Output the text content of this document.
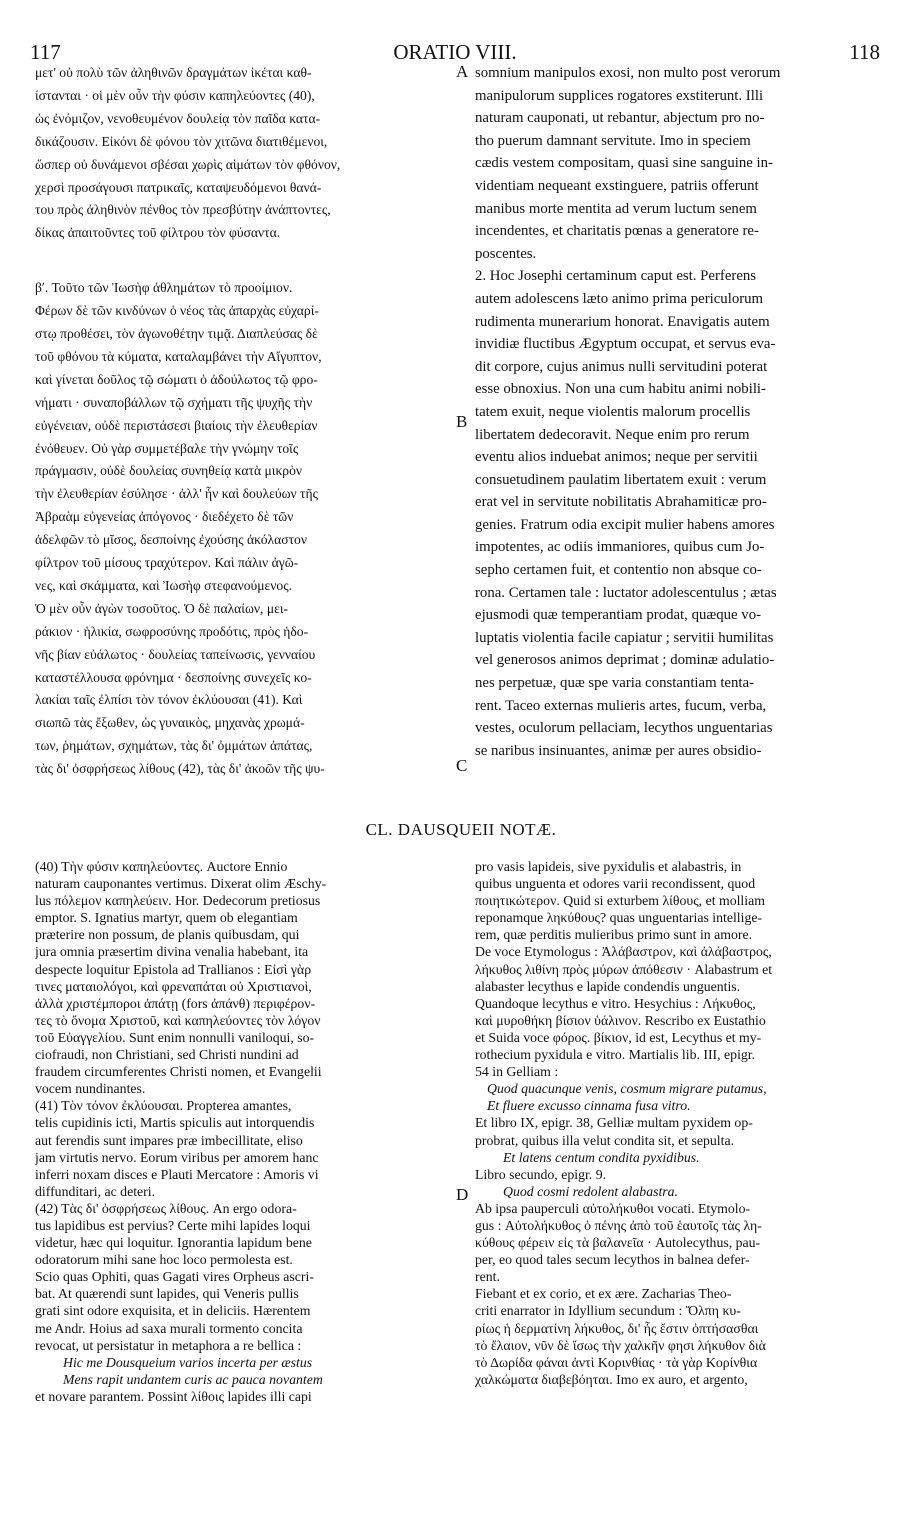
117	ORATIO VIII.	118
μετ' οὐ πολὺ τῶν ἀληθινῶν δραγμάτων ἱκέται καθ-
ίστανται · οἱ μὲν οὖν τὴν φύσιν καπηλεύοντες (40),
ὡς ἐνόμιζον, νενοθευμένον δουλείᾳ τὸν παῖδα κατα-
δικάζουσιν. Εἰκόνι δὲ φόνου τὸν χιτῶνα διατιθέμενοι,
ὥσπερ οὐ δυνάμενοι σβέσαι χωρὶς αἱμάτων τὸν φθόνον,
χερσὶ προσάγουσι πατρικαῖς, καταψευδόμενοι θανά-
του πρὸς ἀληθινὸν πένθος τὸν πρεσβύτην ἀνάπτοντες,
δίκας ἀπαιτοῦντες τοῦ φίλτρου τὸν φύσαντα.

βʹ. Τοῦτο τῶν Ἰωσὴφ ἀθλημάτων τὸ προοίμιον.
Φέρων δὲ τῶν κινδύνων ὁ νέος τὰς ἀπαρχὰς εὐχαρί-
στῳ προθέσει, τὸν ἀγωνοθέτην τιμᾷ. Διαπλεύσας δὲ
τοῦ φθόνου τὰ κύματα, καταλαμβάνει τὴν Αἴγυπτον,
καὶ γίνεται δοῦλος τῷ σώματι ὁ ἀδούλωτος τῷ φρο-
νήματι · συναποβάλλων τῷ σχήματι τῆς ψυχῆς τὴν
εὐγένειαν, οὐδὲ περιστάσεσι βιαίοις τὴν ἐλευθερίαν
ἐνόθευεν. Οὐ γὰρ συμμετέβαλε τὴν γνώμην τοῖς
πράγμασιν, οὐδὲ δουλείας συνηθείᾳ κατὰ μικρὸν
τὴν ἐλευθερίαν ἐσύλησε · ἀλλ' ἦν καὶ δουλεύων τῆς
Ἀβραὰμ εὐγενείας ἀπόγονος · διεδέχετο δὲ τῶν
ἀδελφῶν τὸ μῖσος, δεσποίνης ἐχούσης ἀκόλαστον
φίλτρον τοῦ μίσους τραχύτερον. Καὶ πάλιν ἀγῶ-
νες, καὶ σκάμματα, καὶ Ἰωσὴφ στεφανούμενος.
Ὁ μὲν οὖν ἀγὼν τοσοῦτος. Ὁ δὲ παλαίων, μει-
ράκιον · ἡλικία, σωφροσύνης προδότις, πρὸς ἡδο-
νῆς βίαν εὐάλωτος · δουλείας ταπείνωσις, γενναίου
καταστέλλουσα φρόνημα · δεσποίνης συνεχεῖς κο-
λακίαι ταῖς ἐλπίσι τὸν τόνον ἐκλύουσαι (41). Καὶ
σιωπῶ τὰς ἔξωθεν, ὡς γυναικὸς, μηχανὰς χρωμά-
των, ῥημάτων, σχημάτων, τὰς δι' ὀμμάτων ἀπάτας,
τὰς δι' ὀσφρήσεως λίθους (42), τὰς δι' ἀκοῶν τῆς ψυ-
somnium manipulos exosi, non multo post verorum
manipulorum supplices rogatores exstiterunt. Illi
naturam cauponati, ut rebantur, abjectum pro no-
tho puerum damnant servitute. Imo in speciem
cædis vestem compositam, quasi sine sanguine in-
videntiam nequeant exstinguere, patriis offerunt
manibus morte mentita ad verum luctum senem
incendentes, et charitatis pœnas a generatore re-
poscentes.
2. Hoc Josephi certaminum caput est. Perferens
autem adolescens læto animo prima periculorum
rudimenta munerarium honorat. Enavigatis autem
invidiæ fluctibus Ægyptum occupat, et servus eva-
dit corpore, cujus animus nulli servitudini poterat
esse obnoxius. Non una cum habitu animi nobili-
tatem exuit, neque violentis malorum procellis
libertatem dedecoravit. Neque enim pro rerum
eventu alios induebat animos; neque per servitii
consuetudinem paulatim libertatem exuit : verum
erat vel in servitute nobilitatis Abrahamiticæ pro-
genies. Fratrum odia excipit mulier habens amores
impotentes, ac odiis immaniores, quibus cum Jo-
sepho certamen fuit, et contentio non absque co-
rona. Certamen tale : luctator adolescentulus ; ætas
ejusmodi quæ temperantiam prodat, quæque vo-
luptatis violentia facile capiatur ; servitii humilitas
vel generosos animos deprimat ; dominæ adulatio-
nes perpetuæ, quæ spe varia constantiam tenta-
rent. Taceo externas mulieris artes, fucum, verba,
vestes, oculorum pellaciam, lecythos unguentarias
se naribus insinuantes, animæ per aures obsidio-
A
B
C
D
CL. DAUSQUEII NOTÆ.
(40) Τὴν φύσιν καπηλεύοντες. Auctore Ennio
naturam cauponantes vertimus. Dixerat olim Æschy-
lus πόλεμον καπηλεύειν. Hor. Dedecorum pretiosus
emptor. S. Ignatius martyr, quem ob elegantiam
præterire non possum, de planis quibusdam, qui
jura omnia præsertim divina venalia habebant, ita
despecte loquitur Epistola ad Trallianos : Εἰσὶ γὰρ
τινες ματαιολόγοι, καὶ φρεναπάται οὐ Χριστιανοὶ,
ἀλλὰ χριστέμποροι ἀπάτῃ (fors ἀπάνθ) περιφέρον-
τες τὸ ὄνομα Χριστοῦ, καὶ καπηλεύοντες τὸν λόγον
τοῦ Εὐαγγελίου. Sunt enim nonnulli vaniloqui, so-
ciofraudi, non Christiani, sed Christi nundini ad
fraudem circumferentes Christi nomen, et Evangelii
vocem nundinantes.
(41) Τὸν τόνον ἐκλύουσαι. Propterea amantes,
telis cupidinis icti, Martis spiculis aut intorquendis
aut ferendis sunt impares præ imbecillitate, eliso
jam virtutis nervo. Eorum viribus per amorem hanc
inferri noxam disces e Plauti Mercatore : Amoris vi
diffunditari, ac deteri.
(42) Τὰς δι' ὀσφρήσεως λίθους. An ergo odora-
tus lapidibus est pervius? Certe mihi lapides loqui
videtur, hæc qui loquitur. Ignorantia lapidum bene
odoratorum mihi sane hoc loco permolesta est.
Scio quas Ophiti, quas Gagati vires Orpheus ascri-
bat. At quærendi sunt lapides, qui Veneris pullis
grati sint odore exquisita, et in deliciis. Hærentem
me Andr. Hoius ad saxa murali tormento concita
revocat, ut persistatur in metaphora a re bellica :
Hic me Dousqueium varios incerta per æstus
Mens rapit undantem curis ac pauca novantem
et novare parantem. Possint λίθοις lapides illi capi
pro vasis lapideis, sive pyxidulis et alabastris, in
quibus unguenta et odores varii recondissent, quod
ποιητικώτερον. Quid si exturbem λίθους, et molliam
reponamque ληκύθους? quas unguentarias intellige-
rem, quæ perditis mulieribus primo sunt in amore.
De voce Etymologus : Ἀλάβαστρον, καὶ ἀλάβαστρος,
λήκυθος λιθίνη πρὸς μύρων ἀπόθεσιν · Alabastrum et
alabaster lecythus e lapide condendis unguentis.
Quandoque lecythus e vitro. Hesychius : Λήκυθος,
καὶ μυροθήκη βίσιον ὑάλινον. Rescribo ex Eustathio
et Suida voce φόρος. βίκιον, id est, Lecythus et my-
rothecium pyxidula e vitro. Martialis lib. III, epigr.
54 in Gelliam :
Quod quacunque venis, cosmum migrare putamus,
Et fluere excusso cinnama fusa vitro.
Et libro IX, epigr. 38, Gelliæ multam pyxidem op-
probrat, quibus illa velut condita sit, et sepulta.
Et latens centum condita pyxidibus.
Libro secundo, epigr. 9.
Quod cosmi redolent alabastra.
Ab ipsa pauperculi αὐτολήκυθοι vocati. Etymolo-
gus : Αὐτολήκυθος ὁ πένης ἀπὸ τοῦ ἑαυτοῖς τὰς λη-
κύθους φέρειν εἰς τὰ βαλανεῖα · Autolecythus, pau-
per, eo quod tales secum lecythos in balnea defer-
rent.
Fiebant et ex corio, et ex ære. Zacharias Theo-
criti enarrator in Idyllium secundum : Ὄλπη κυ-
ρίως ἡ δερματίνη λήκυθος, δι' ἧς ἔστιν ὀπτήσασθαι
τὸ ἔλαιον, νῦν δὲ ἴσως τὴν χαλκῆν φησι λήκυθον διὰ
τὸ Δωρίδα φάναι ἀντὶ Κορινθίας · τὰ γὰρ Κορίνθια
χαλκώματα διαβεβόηται. Imo ex auro, et argento,
